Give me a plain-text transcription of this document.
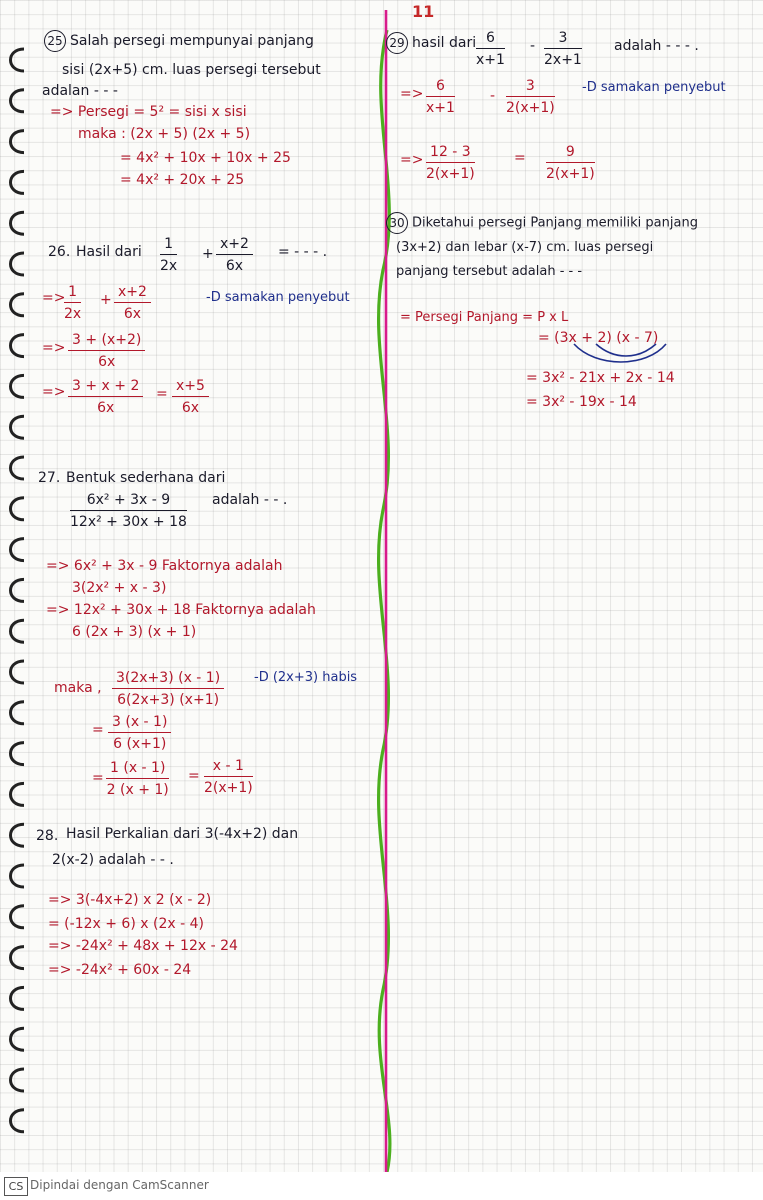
11
25 Salah persegi mempunyai panjang
sisi (2x+5) cm. luas persegi tersebut
adalan - - -
=> Persegi = 5² = sisi x sisi
maka : (2x + 5) (2x + 5)
= 4x² + 10x + 10x + 25
= 4x² + 20x + 25
26. Hasil dari 1
2x
+
x+2
6x
= - - - .
=> 1
2x
+ x+2
6x
-D samakan penyebut
=> 3 + (x+2)
6x
=> 3 + x + 2
6x
= x+5
6x
27. Bentuk sederhana dari
6x² + 3x - 9
12x² + 30x + 18
adalah - - .
=> 6x² + 3x - 9 Faktornya adalah
3(2x² + x - 3)
=> 12x² + 30x + 18 Faktornya adalah
6 (2x + 3) (x + 1)
maka ,
3(2x+3) (x - 1)
6(2x+3) (x+1)
-D (2x+3) habis
= 3 (x - 1)
6 (x+1)
=
1 (x - 1)
2 (x + 1)
=
x - 1
2(x+1)
28. Hasil Perkalian dari 3(-4x+2) dan
2(x-2) adalah - - .
=> 3(-4x+2) x 2 (x - 2)
= (-12x + 6) x (2x - 4)
=> -24x² + 48x + 12x - 24
=> -24x² + 60x - 24
29 hasil dari 6
x+1
-	3
2x+1
adalah - - - .
=> 6
x+1
-
3
2(x+1)
-D samakan penyebut
=> 12 - 3
2(x+1)
=	9
2(x+1)
30 Diketahui persegi Panjang memiliki panjang
(3x+2) dan lebar (x-7) cm. luas persegi
panjang tersebut adalah - - -
= Persegi Panjang = P x L
= (3x + 2) (x - 7)
= 3x² - 21x + 2x - 14
= 3x² - 19x - 14
CS Dipindai dengan CamScanner
